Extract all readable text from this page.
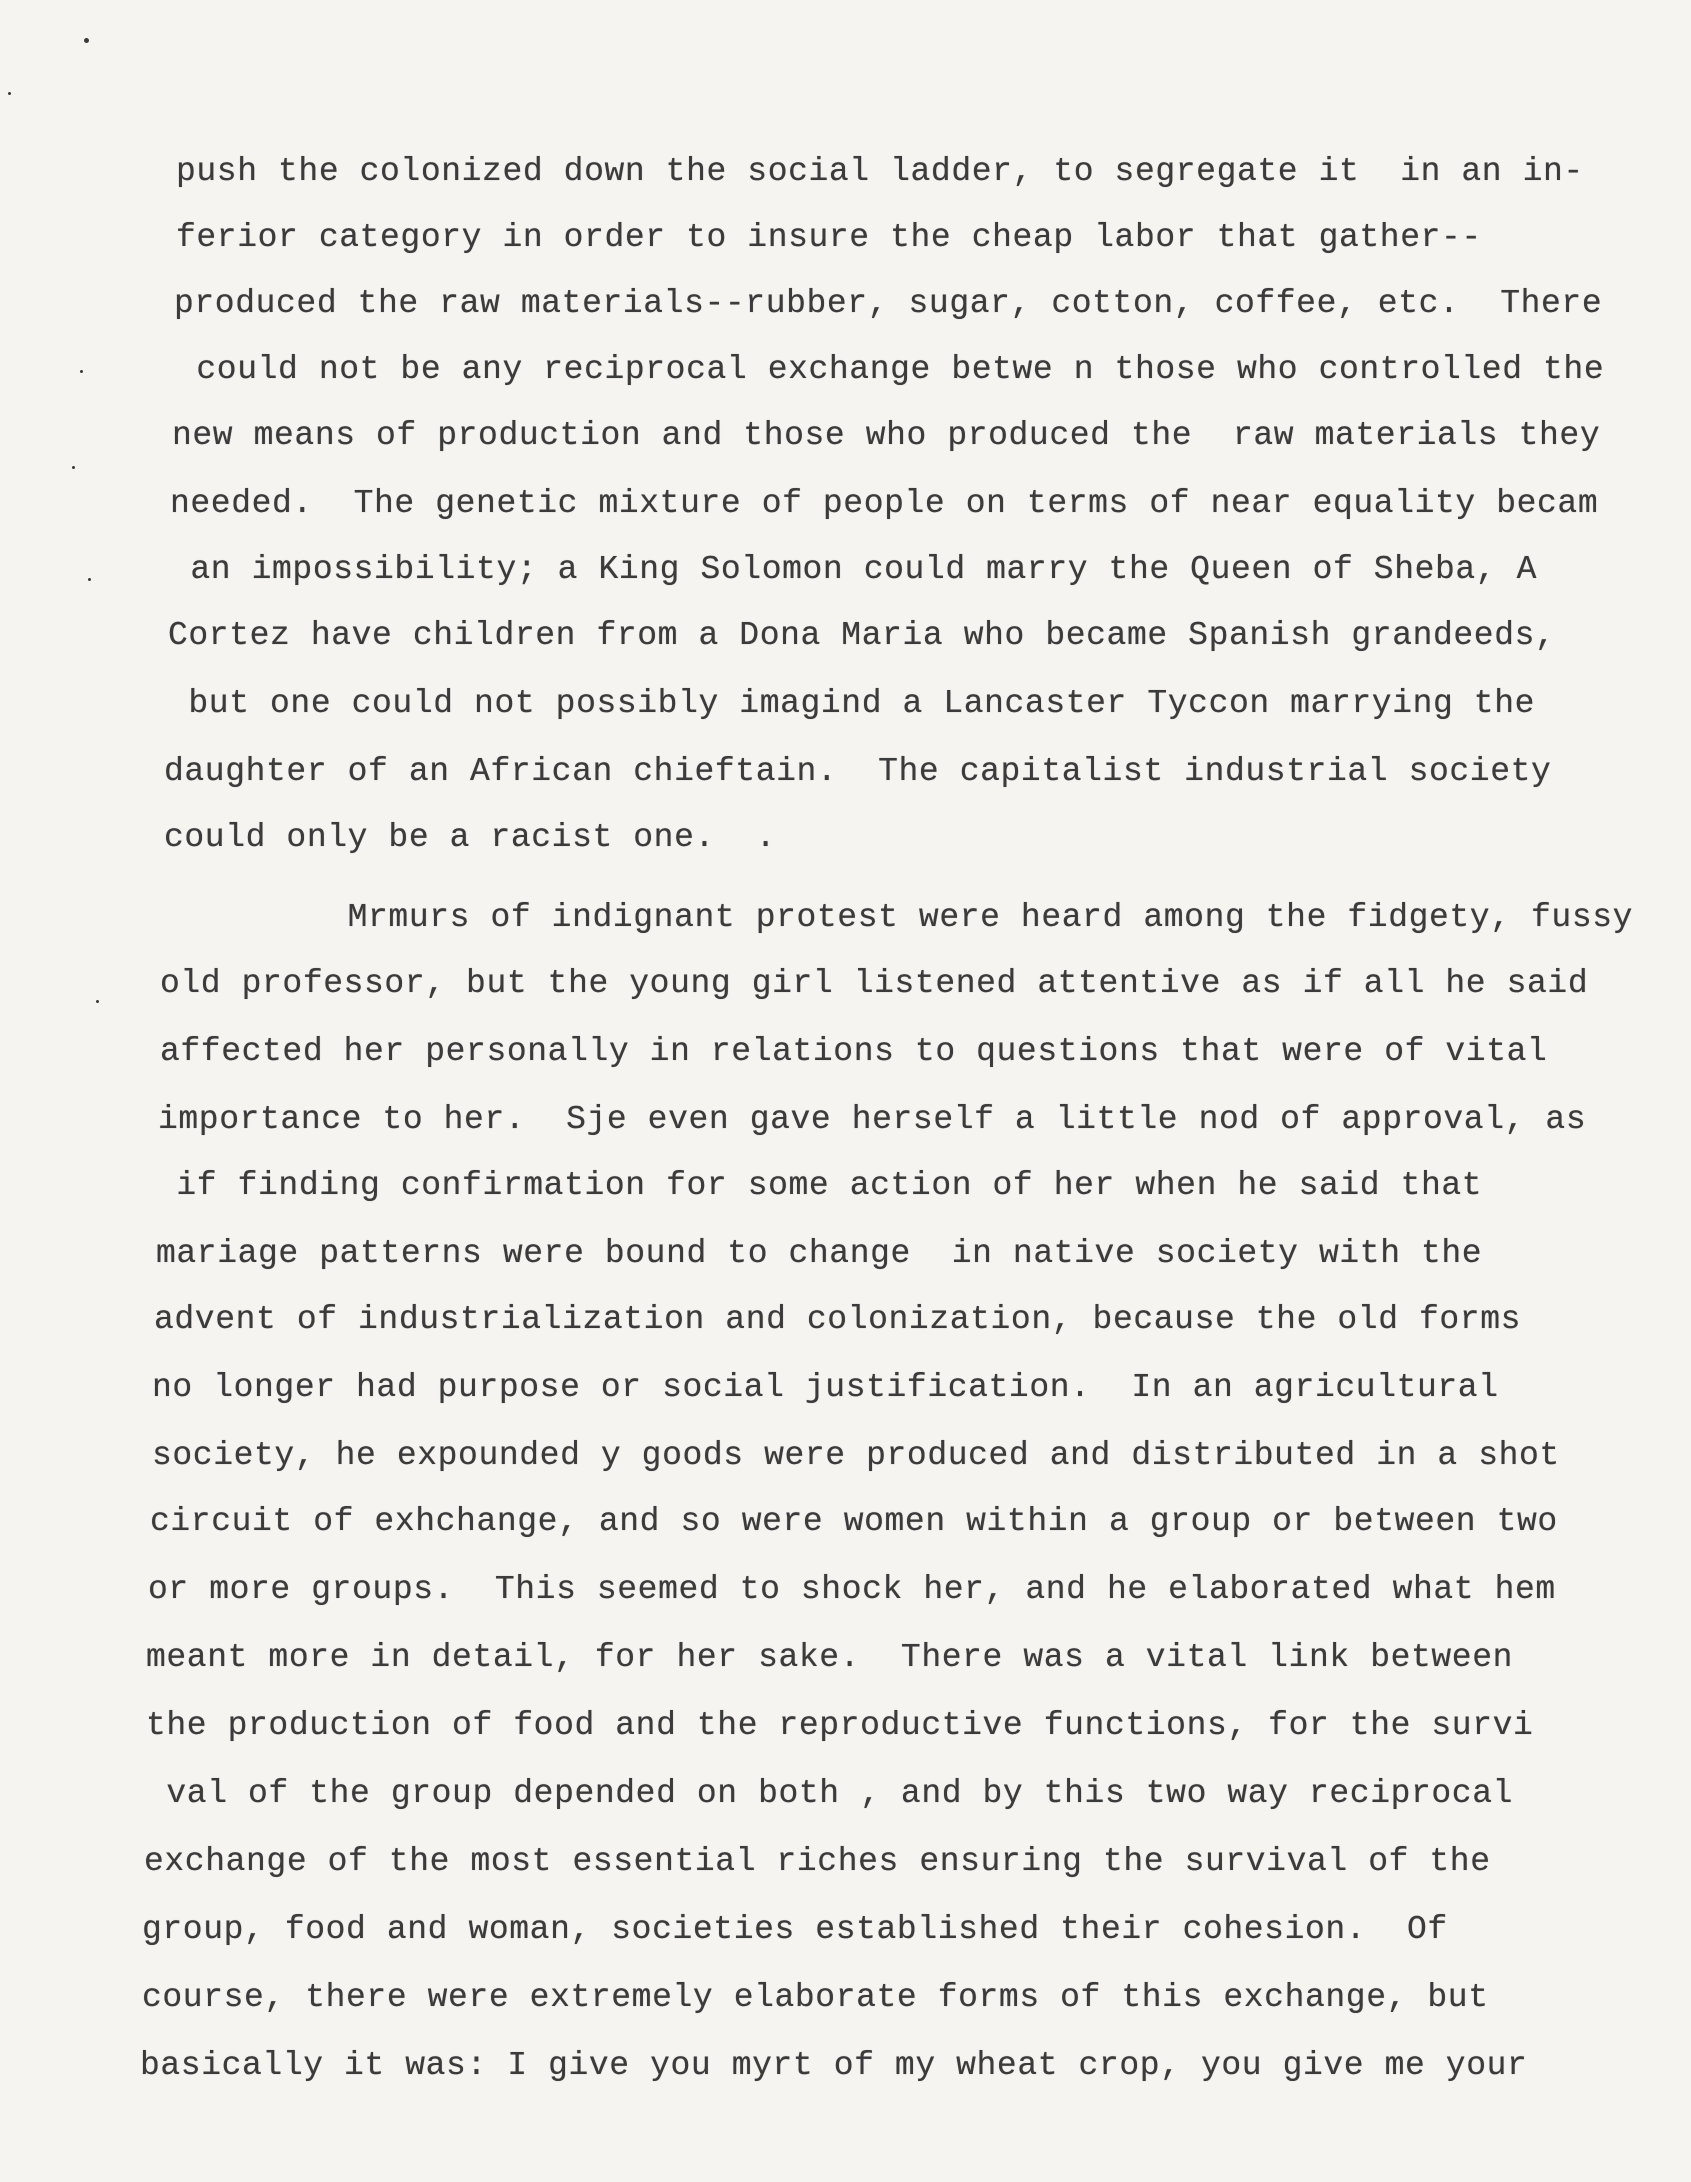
push the colonized down the social ladder, to segregate it  in an in-
ferior category in order to insure the cheap labor that gather--
produced the raw materials--rubber, sugar, cotton, coffee, etc.  There
could not be any reciprocal exchange betwe n those who controlled the
new means of production and those who produced the  raw materials they
needed.  The genetic mixture of people on terms of near equality becam
an impossibility; a King Solomon could marry the Queen of Sheba, A
Cortez have children from a Dona Maria who became Spanish grandeeds,
but one could not possibly imagind a Lancaster Tyccon marrying the
daughter of an African chieftain.  The capitalist industrial society
could only be a racist one.  .
Mrmurs of indignant protest were heard among the fidgety, fussy
old professor, but the young girl listened attentive as if all he said
affected her personally in relations to questions that were of vital
importance to her.  Sje even gave herself a little nod of approval, as
if finding confirmation for some action of her when he said that
mariage patterns were bound to change  in native society with the
advent of industrialization and colonization, because the old forms
no longer had purpose or social justification.  In an agricultural
society, he expounded y goods were produced and distributed in a shot
circuit of exhchange, and so were women within a group or between two
or more groups.  This seemed to shock her, and he elaborated what hem
meant more in detail, for her sake.  There was a vital link between
the production of food and the reproductive functions, for the survi
val of the group depended on both , and by this two way reciprocal
exchange of the most essential riches ensuring the survival of the
group, food and woman, societies established their cohesion.  Of
course, there were extremely elaborate forms of this exchange, but
basically it was: I give you myrt of my wheat crop, you give me your
